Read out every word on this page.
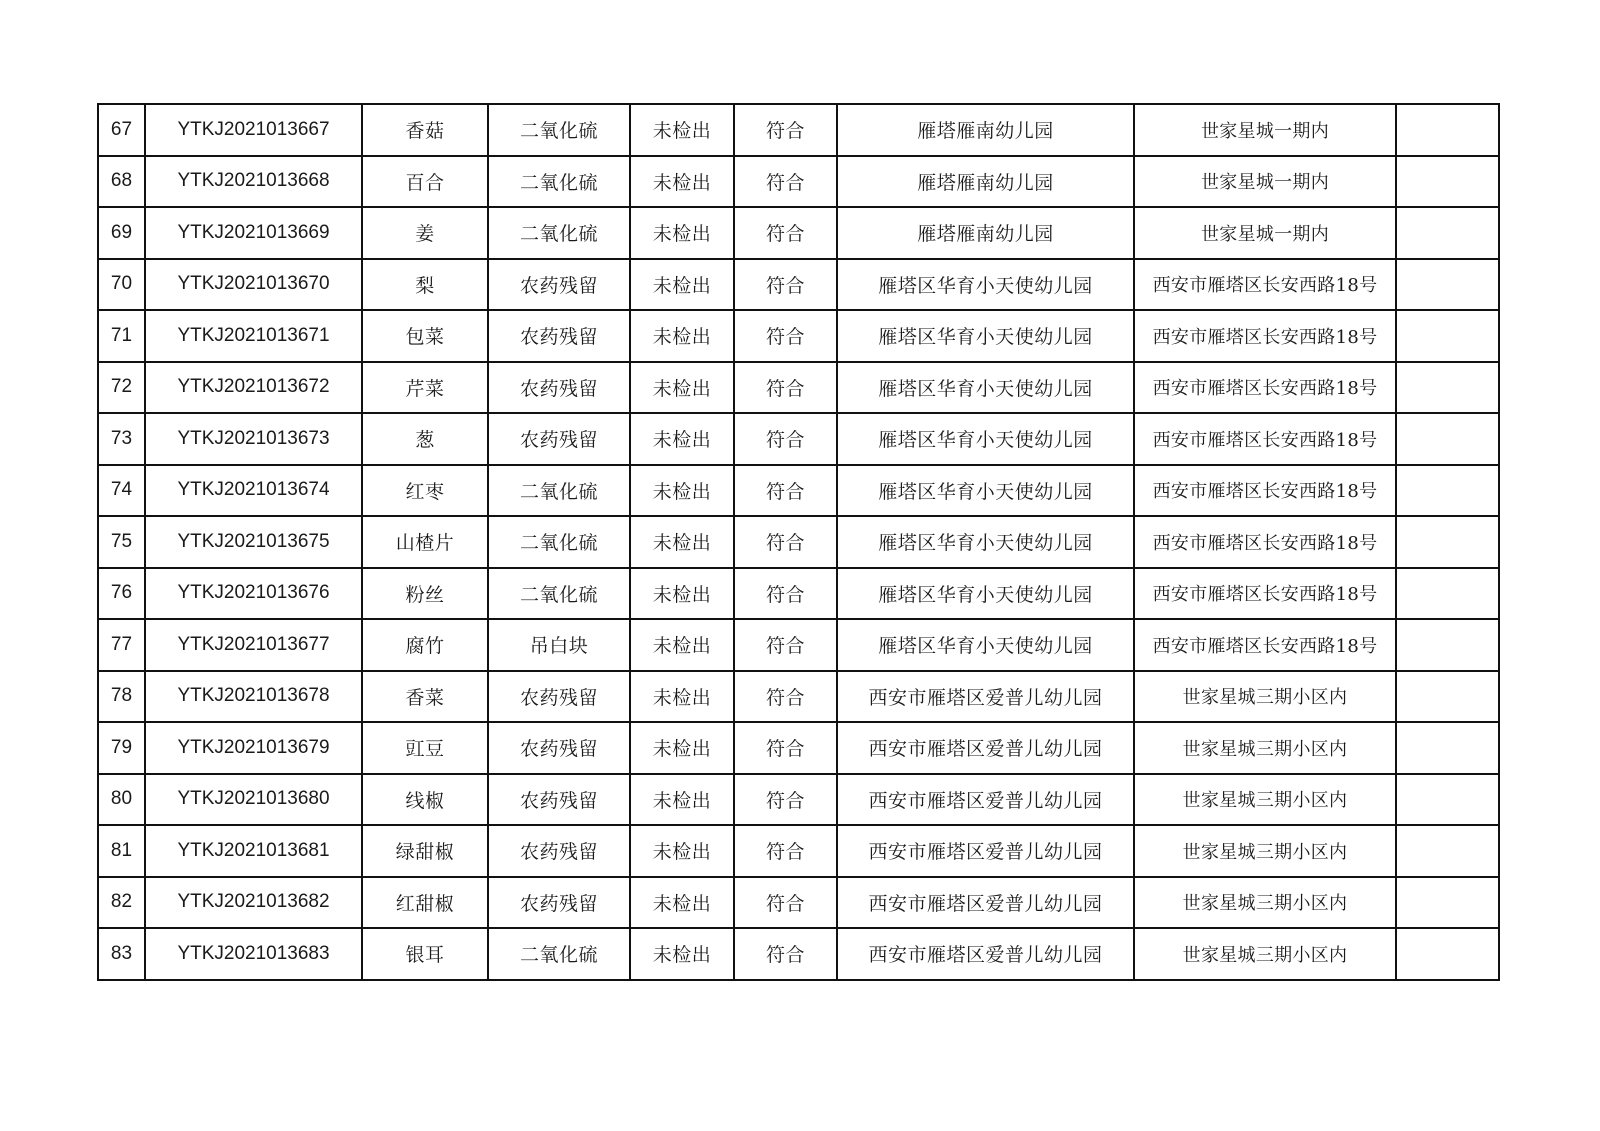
67	YTKJ2021013667	香菇	二氧化硫	未检出	符合	雁塔雁南幼儿园	世家星城一期内	
68	YTKJ2021013668	百合	二氧化硫	未检出	符合	雁塔雁南幼儿园	世家星城一期内	
69	YTKJ2021013669	姜	二氧化硫	未检出	符合	雁塔雁南幼儿园	世家星城一期内	
70	YTKJ2021013670	梨	农药残留	未检出	符合	雁塔区华育小天使幼儿园	西安市雁塔区长安西路18号	
71	YTKJ2021013671	包菜	农药残留	未检出	符合	雁塔区华育小天使幼儿园	西安市雁塔区长安西路18号	
72	YTKJ2021013672	芹菜	农药残留	未检出	符合	雁塔区华育小天使幼儿园	西安市雁塔区长安西路18号	
73	YTKJ2021013673	葱	农药残留	未检出	符合	雁塔区华育小天使幼儿园	西安市雁塔区长安西路18号	
74	YTKJ2021013674	红枣	二氧化硫	未检出	符合	雁塔区华育小天使幼儿园	西安市雁塔区长安西路18号	
75	YTKJ2021013675	山楂片	二氧化硫	未检出	符合	雁塔区华育小天使幼儿园	西安市雁塔区长安西路18号	
76	YTKJ2021013676	粉丝	二氧化硫	未检出	符合	雁塔区华育小天使幼儿园	西安市雁塔区长安西路18号	
77	YTKJ2021013677	腐竹	吊白块	未检出	符合	雁塔区华育小天使幼儿园	西安市雁塔区长安西路18号	
78	YTKJ2021013678	香菜	农药残留	未检出	符合	西安市雁塔区爱普儿幼儿园	世家星城三期小区内	
79	YTKJ2021013679	豇豆	农药残留	未检出	符合	西安市雁塔区爱普儿幼儿园	世家星城三期小区内	
80	YTKJ2021013680	线椒	农药残留	未检出	符合	西安市雁塔区爱普儿幼儿园	世家星城三期小区内	
81	YTKJ2021013681	绿甜椒	农药残留	未检出	符合	西安市雁塔区爱普儿幼儿园	世家星城三期小区内	
82	YTKJ2021013682	红甜椒	农药残留	未检出	符合	西安市雁塔区爱普儿幼儿园	世家星城三期小区内	
83	YTKJ2021013683	银耳	二氧化硫	未检出	符合	西安市雁塔区爱普儿幼儿园	世家星城三期小区内	
